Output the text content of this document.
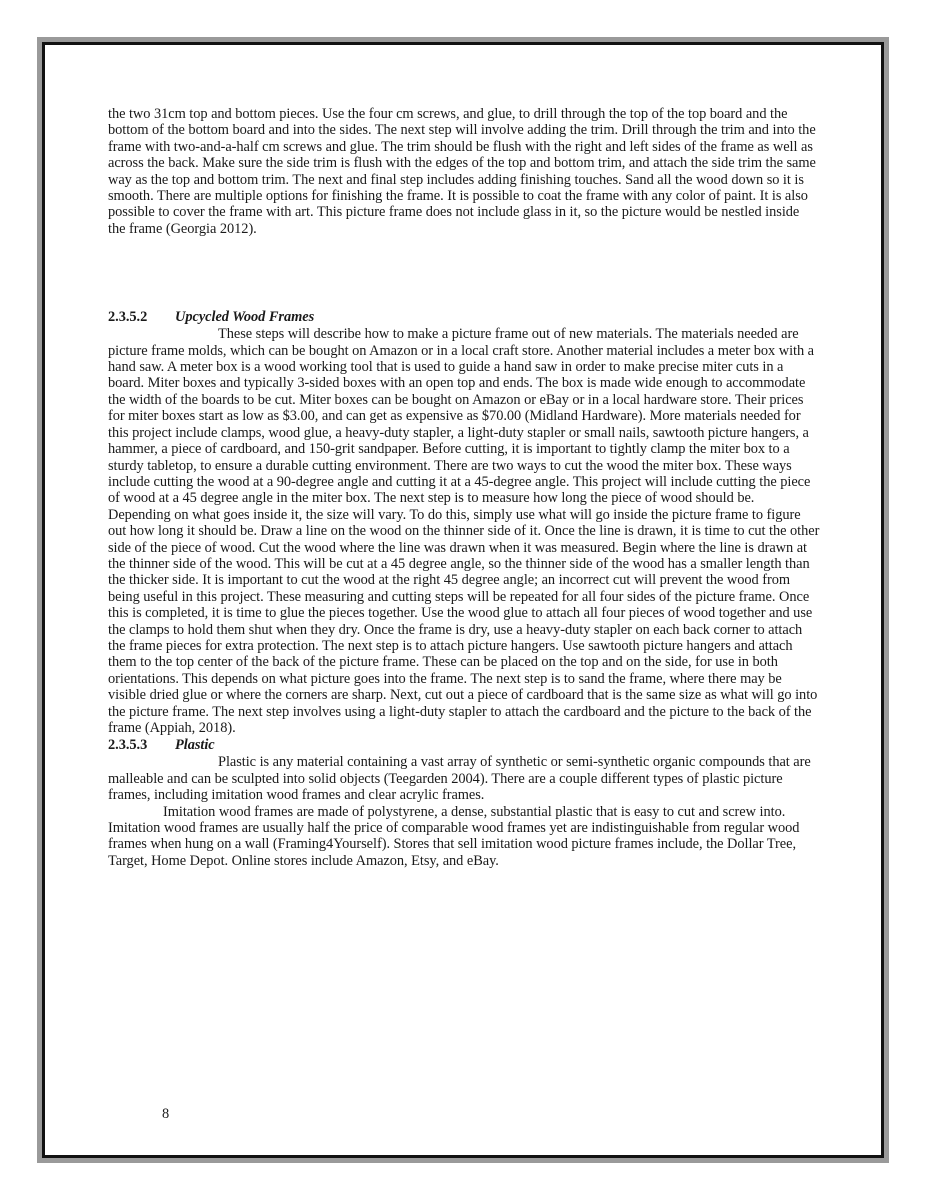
the two 31cm top and bottom pieces. Use the four cm screws, and glue, to drill through the top of the top board and the bottom of the bottom board and into the sides. The next step will involve adding the trim. Drill through the trim and into the frame with two-and-a-half cm screws and glue. The trim should be flush with the right and left sides of the frame as well as across the back. Make sure the side trim is flush with the edges of the top and bottom trim, and attach the side trim the same way as the top and bottom trim. The next and final step includes adding finishing touches. Sand all the wood down so it is smooth. There are multiple options for finishing the frame. It is possible to coat the frame with any color of paint. It is also possible to cover the frame with art. This picture frame does not include glass in it, so the picture would be nestled inside the frame (Georgia 2012).

2.3.5.2 Upcycled Wood Frames

These steps will describe how to make a picture frame out of new materials. The materials needed are picture frame molds, which can be bought on Amazon or in a local craft store. Another material includes a meter box with a hand saw. A meter box is a wood working tool that is used to guide a hand saw in order to make precise miter cuts in a board. Miter boxes and typically 3-sided boxes with an open top and ends. The box is made wide enough to accommodate the width of the boards to be cut. Miter boxes can be bought on Amazon or eBay or in a local hardware store. Their prices for miter boxes start as low as $3.00, and can get as expensive as $70.00 (Midland Hardware). More materials needed for this project include clamps, wood glue, a heavy-duty stapler, a light-duty stapler or small nails, sawtooth picture hangers, a hammer, a piece of cardboard, and 150-grit sandpaper. Before cutting, it is important to tightly clamp the miter box to a sturdy tabletop, to ensure a durable cutting environment. There are two ways to cut the wood the miter box. These ways include cutting the wood at a 90-degree angle and cutting it at a 45-degree angle. This project will include cutting the piece of wood at a 45 degree angle in the miter box. The next step is to measure how long the piece of wood should be. Depending on what goes inside it, the size will vary. To do this, simply use what will go inside the picture frame to figure out how long it should be. Draw a line on the wood on the thinner side of it. Once the line is drawn, it is time to cut the other side of the piece of wood. Cut the wood where the line was drawn when it was measured. Begin where the line is drawn at the thinner side of the wood. This will be cut at a 45 degree angle, so the thinner side of the wood has a smaller length than the thicker side. It is important to cut the wood at the right 45 degree angle; an incorrect cut will prevent the wood from being useful in this project. These measuring and cutting steps will be repeated for all four sides of the picture frame. Once this is completed, it is time to glue the pieces together. Use the wood glue to attach all four pieces of wood together and use the clamps to hold them shut when they dry. Once the frame is dry, use a heavy-duty stapler on each back corner to attach the frame pieces for extra protection. The next step is to attach picture hangers. Use sawtooth picture hangers and attach them to the top center of the back of the picture frame. These can be placed on the top and on the side, for use in both orientations. This depends on what picture goes into the frame. The next step is to sand the frame, where there may be visible dried glue or where the corners are sharp. Next, cut out a piece of cardboard that is the same size as what will go into the picture frame. The next step involves using a light-duty stapler to attach the cardboard and the picture to the back of the frame (Appiah, 2018).

2.3.5.3 Plastic

Plastic is any material containing a vast array of synthetic or semi-synthetic organic compounds that are malleable and can be sculpted into solid objects (Teegarden 2004). There are a couple different types of plastic picture frames, including imitation wood frames and clear acrylic frames.

Imitation wood frames are made of polystyrene, a dense, substantial plastic that is easy to cut and screw into. Imitation wood frames are usually half the price of comparable wood frames yet are indistinguishable from regular wood frames when hung on a wall (Framing4Yourself). Stores that sell imitation wood picture frames include, the Dollar Tree, Target, Home Depot. Online stores include Amazon, Etsy, and eBay.

8
